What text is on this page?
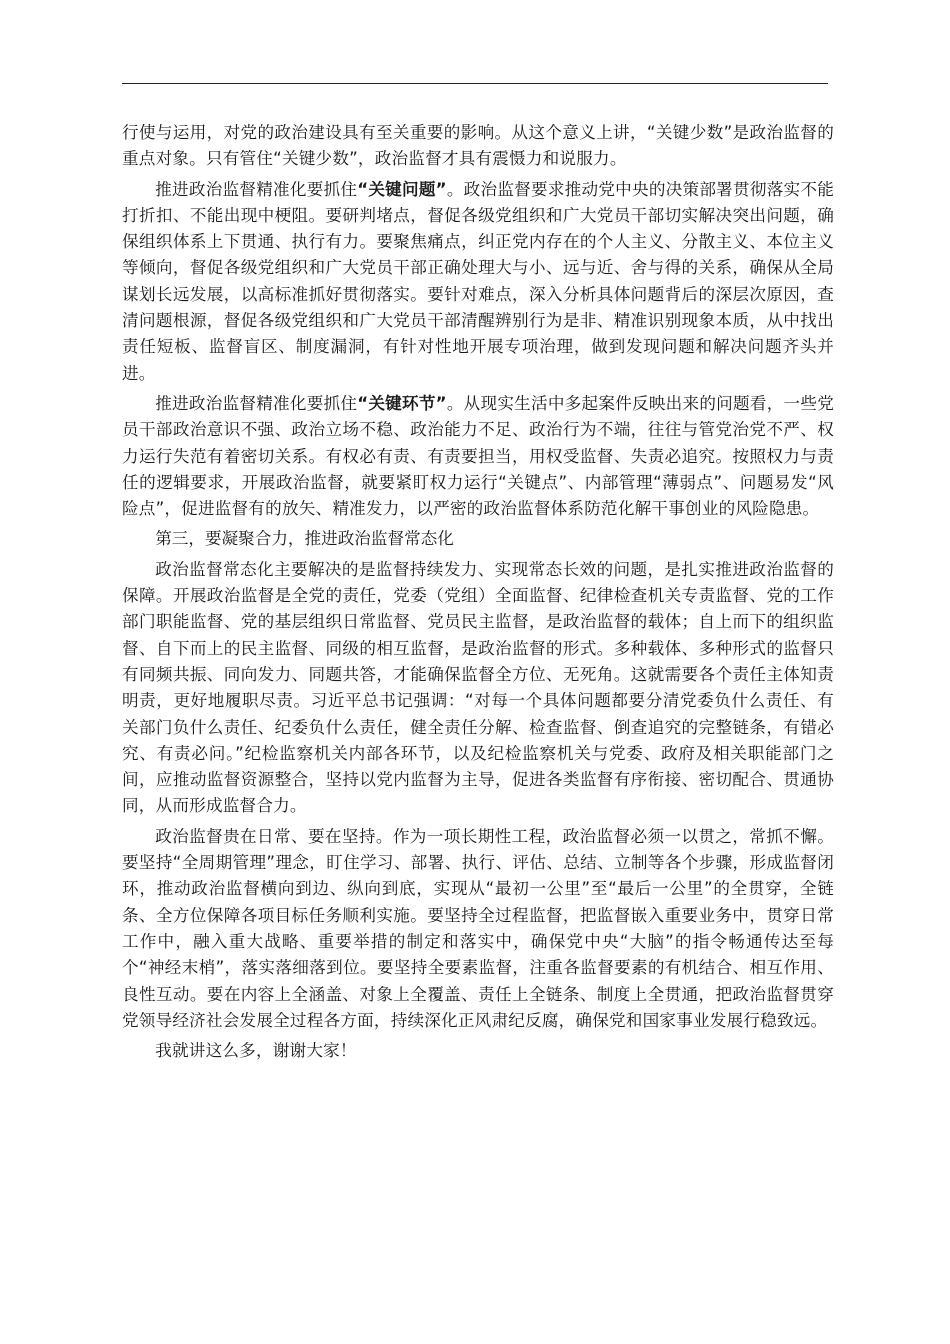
行使与运用，对党的政治建设具有至关重要的影响。从这个意义上讲，“关键少数”是政治监督的重点对象。只有管住“关键少数”，政治监督才具有震慑力和说服力。

推进政治监督精准化要抓住“关键问题”。政治监督要求推动党中央的决策部署贯彻落实不能打折扣、不能出现中梗阻。要研判堵点，督促各级党组织和广大党员干部切实解决突出问题，确保组织体系上下贯通、执行有力。要聚焦痛点，纠正党内存在的个人主义、分散主义、本位主义等倾向，督促各级党组织和广大党员干部正确处理大与小、远与近、舍与得的关系，确保从全局谋划长远发展，以高标准抓好贯彻落实。要针对难点，深入分析具体问题背后的深层次原因，查清问题根源，督促各级党组织和广大党员干部清醒辨别行为是非、精准识别现象本质，从中找出责任短板、监督盲区、制度漏洞，有针对性地开展专项治理，做到发现问题和解决问题齐头并进。

推进政治监督精准化要抓住“关键环节”。从现实生活中多起案件反映出来的问题看，一些党员干部政治意识不强、政治立场不稳、政治能力不足、政治行为不端，往往与管党治党不严、权力运行失范有着密切关系。有权必有责、有责要担当，用权受监督、失责必追究。按照权力与责任的逻辑要求，开展政治监督，就要紧盯权力运行“关键点”、内部管理“薄弱点”、问题易发“风险点”，促进监督有的放矢、精准发力，以严密的政治监督体系防范化解干事创业的风险隐患。

第三，要凝聚合力，推进政治监督常态化

政治监督常态化主要解决的是监督持续发力、实现常态长效的问题，是扎实推进政治监督的保障。开展政治监督是全党的责任，党委（党组）全面监督、纪律检查机关专责监督、党的工作部门职能监督、党的基层组织日常监督、党员民主监督，是政治监督的载体；自上而下的组织监督、自下而上的民主监督、同级的相互监督，是政治监督的形式。多种载体、多种形式的监督只有同频共振、同向发力、同题共答，才能确保监督全方位、无死角。这就需要各个责任主体知责明责，更好地履职尽责。习近平总书记强调：“对每一个具体问题都要分清党委负什么责任、有关部门负什么责任、纪委负什么责任，健全责任分解、检查监督、倒查追究的完整链条，有错必究、有责必问。”纪检监察机关内部各环节，以及纪检监察机关与党委、政府及相关职能部门之间，应推动监督资源整合，坚持以党内监督为主导，促进各类监督有序衔接、密切配合、贯通协同，从而形成监督合力。

政治监督贵在日常、要在坚持。作为一项长期性工程，政治监督必须一以贯之，常抓不懈。要坚持“全周期管理”理念，盯住学习、部署、执行、评估、总结、立制等各个步骤，形成监督闭环，推动政治监督横向到边、纵向到底，实现从“最初一公里”至“最后一公里”的全贯穿，全链条、全方位保障各项目标任务顺利实施。要坚持全过程监督，把监督嵌入重要业务中，贯穿日常工作中，融入重大战略、重要举措的制定和落实中，确保党中央“大脑”的指令畅通传达至每个“神经末梢”，落实落细落到位。要坚持全要素监督，注重各监督要素的有机结合、相互作用、良性互动。要在内容上全涵盖、对象上全覆盖、责任上全链条、制度上全贯通，把政治监督贯穿党领导经济社会发展全过程各方面，持续深化正风肃纪反腐，确保党和国家事业发展行稳致远。

我就讲这么多，谢谢大家！
